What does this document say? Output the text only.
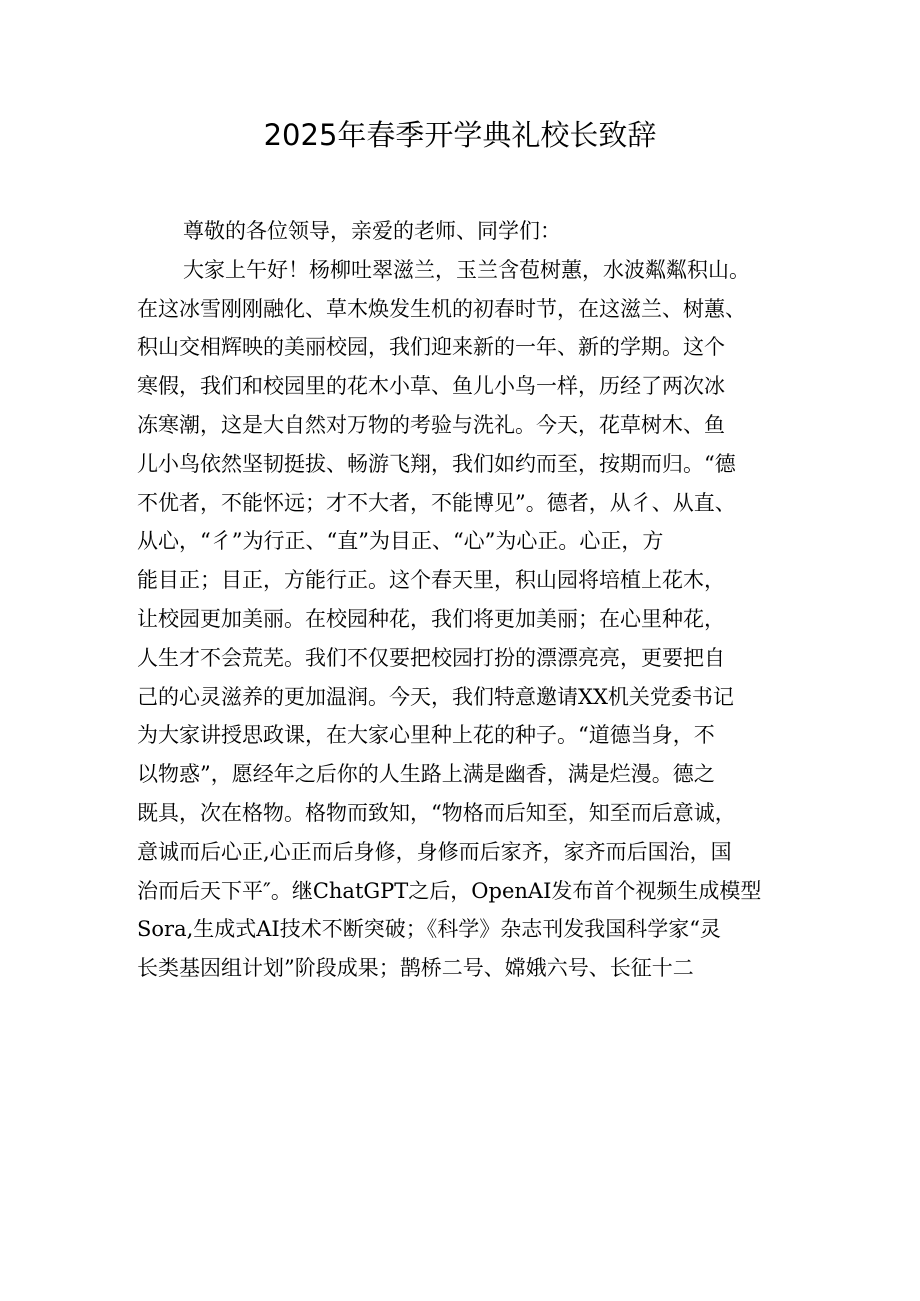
2025年春季开学典礼校长致辞
尊敬的各位领导，亲爱的老师、同学们：
大家上午好！杨柳吐翠滋兰，玉兰含苞树蕙，水波粼粼积山。
在这冰雪刚刚融化、草木焕发生机的初春时节，在这滋兰、树蕙、
积山交相辉映的美丽校园，我们迎来新的一年、新的学期。这个
寒假，我们和校园里的花木小草、鱼儿小鸟一样，历经了两次冰
冻寒潮，这是大自然对万物的考验与洗礼。今天，花草树木、鱼
儿小鸟依然坚韧挺拔、畅游飞翔，我们如约而至，按期而归。“德
不优者，不能怀远；才不大者，不能博见”。德者，从彳、从直、
从心，“彳”为行正、“直”为目正、“心”为心正。心正，方
能目正；目正，方能行正。这个春天里，积山园将培植上花木，
让校园更加美丽。在校园种花，我们将更加美丽；在心里种花，
人生才不会荒芜。我们不仅要把校园打扮的漂漂亮亮，更要把自
己的心灵滋养的更加温润。今天，我们特意邀请XX机关党委书记
为大家讲授思政课，在大家心里种上花的种子。“道德当身，不
以物惑”，愿经年之后你的人生路上满是幽香，满是烂漫。德之
既具，次在格物。格物而致知，“物格而后知至，知至而后意诚，
意诚而后心正,心正而后身修，身修而后家齐，家齐而后国治，国
治而后天下平″。继ChatGPT之后，OpenAI发布首个视频生成模型
Sora,生成式AI技术不断突破；《科学》杂志刊发我国科学家“灵
长类基因组计划”阶段成果；鹊桥二号、嫦娥六号、长征十二
